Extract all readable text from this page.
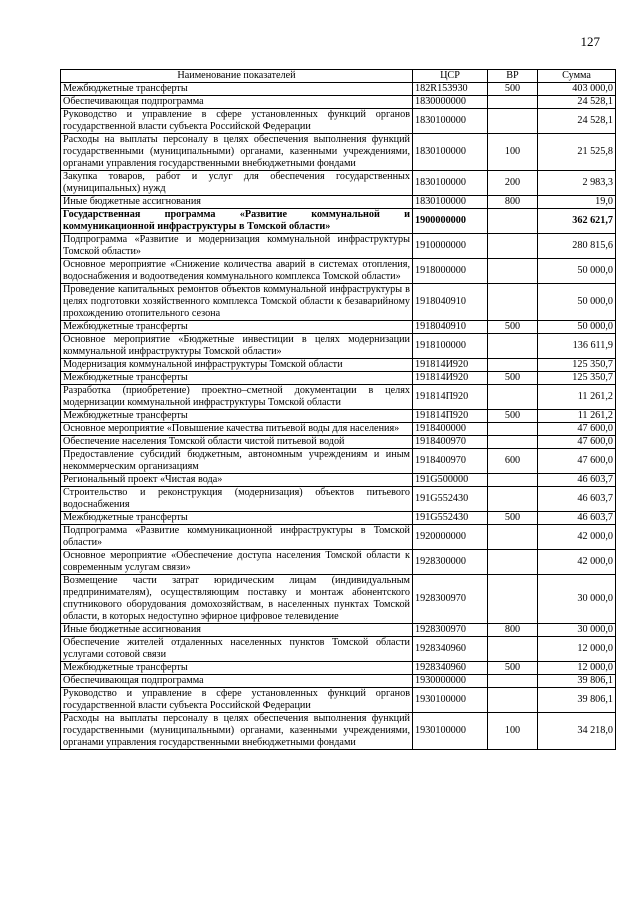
127
Наименование показателей	ЦСР	ВР	Сумма
Межбюджетные трансферты	182R153930	500	403 000,0
Обеспечивающая подпрограмма	1830000000		24 528,1
Руководство и управление в сфере установленных функций органов государственной власти субъекта Российской Федерации	1830100000		24 528,1
Расходы на выплаты персоналу в целях обеспечения выполнения функций государственными (муниципальными) органами, казенными учреждениями, органами управления государственными внебюджетными фондами	1830100000	100	21 525,8
Закупка товаров, работ и услуг для обеспечения государственных (муниципальных) нужд	1830100000	200	2 983,3
Иные бюджетные ассигнования	1830100000	800	19,0
Государственная программа «Развитие коммунальной и коммуникационной инфраструктуры в Томской области»	1900000000		362 621,7
Подпрограмма «Развитие и модернизация коммунальной инфраструктуры Томской области»	1910000000		280 815,6
Основное мероприятие «Снижение количества аварий в системах отопления, водоснабжения и водоотведения коммунального комплекса Томской области»	1918000000		50 000,0
Проведение капитальных ремонтов объектов коммунальной инфраструктуры в целях подготовки хозяйственного комплекса Томской области к безаварийному прохождению отопительного сезона	1918040910		50 000,0
Межбюджетные трансферты	1918040910	500	50 000,0
Основное мероприятие «Бюджетные инвестиции в целях модернизации коммунальной инфраструктуры Томской области»	1918100000		136 611,9
Модернизация коммунальной инфраструктуры Томской области	191814И920		125 350,7
Межбюджетные трансферты	191814И920	500	125 350,7
Разработка (приобретение) проектно–сметной документации в целях модернизации коммунальной инфраструктуры Томской области	191814П920		11 261,2
Межбюджетные трансферты	191814П920	500	11 261,2
Основное мероприятие «Повышение качества питьевой воды для населения»	1918400000		47 600,0
Обеспечение населения Томской области чистой питьевой водой	1918400970		47 600,0
Предоставление субсидий бюджетным, автономным учреждениям и иным некоммерческим организациям	1918400970	600	47 600,0
Региональный проект «Чистая вода»	191G500000		46 603,7
Строительство и реконструкция (модернизация) объектов питьевого водоснабжения	191G552430		46 603,7
Межбюджетные трансферты	191G552430	500	46 603,7
Подпрограмма «Развитие коммуникационной инфраструктуры в Томской области»	1920000000		42 000,0
Основное мероприятие «Обеспечение доступа населения Томской области к современным услугам связи»	1928300000		42 000,0
Возмещение части затрат юридическим лицам (индивидуальным предпринимателям), осуществляющим поставку и монтаж абонентского спутникового оборудования домохозяйствам, в населенных пунктах Томской области, в которых недоступно эфирное цифровое телевидение	1928300970		30 000,0
Иные бюджетные ассигнования	1928300970	800	30 000,0
Обеспечение жителей отдаленных населенных пунктов Томской области услугами сотовой связи	1928340960		12 000,0
Межбюджетные трансферты	1928340960	500	12 000,0
Обеспечивающая подпрограмма	1930000000		39 806,1
Руководство и управление в сфере установленных функций органов государственной власти субъекта Российской Федерации	1930100000		39 806,1
Расходы на выплаты персоналу в целях обеспечения выполнения функций государственными (муниципальными) органами, казенными учреждениями, органами управления государственными внебюджетными фондами	1930100000	100	34 218,0
